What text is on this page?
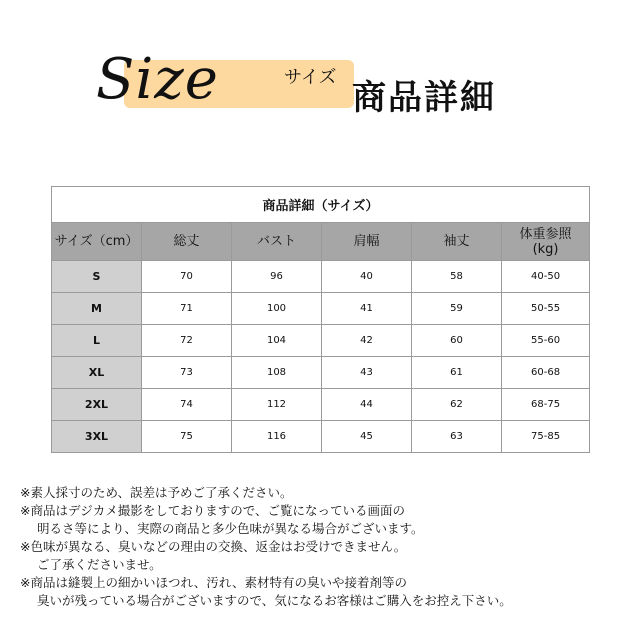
Size	サイズ
商品詳細
商品詳細（サイズ）					
サイズ（cm）	総丈	バスト	肩幅	袖丈	体重参照
(kg)
S	70	96	40	58	40-50
M	71	100	41	59	50-55
L	72	104	42	60	55-60
XL	73	108	43	61	60-68
2XL	74	112	44	62	68-75
3XL	75	116	45	63	75-85
※素人採寸のため、誤差は予めご了承ください。
※商品はデジカメ撮影をしておりますので、ご覧になっている画面の
明るさ等により、実際の商品と多少色味が異なる場合がございます。
※色味が異なる、臭いなどの理由の交換、返金はお受けできません。
ご了承くださいませ。
※商品は縫製上の細かいほつれ、汚れ、素材特有の臭いや接着剤等の
臭いが残っている場合がございますので、気になるお客様はご購入をお控え下さい。
